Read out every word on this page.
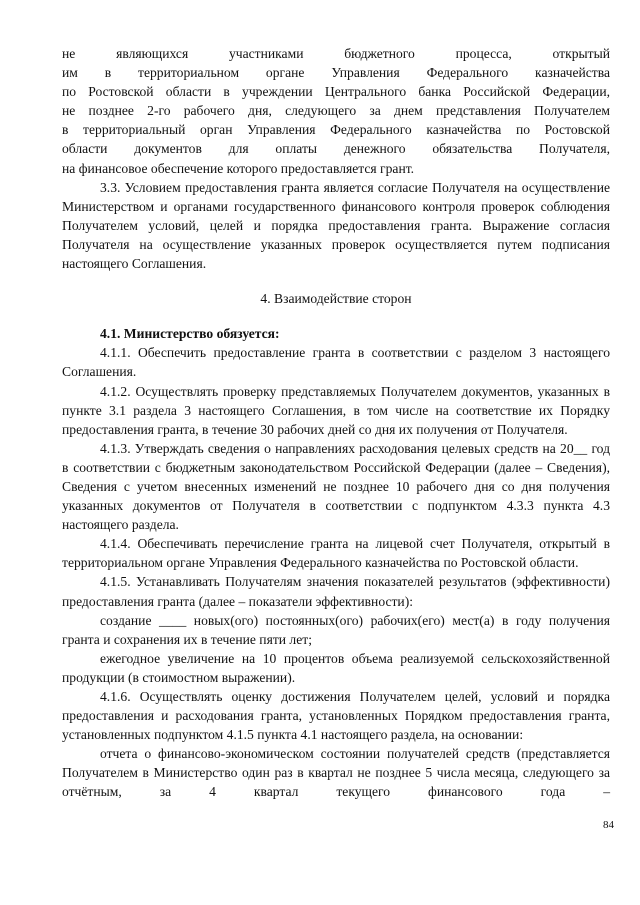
не являющихся участниками бюджетного процесса, открытый

им в территориальном органе Управления Федерального казначейства

по Ростовской области в учреждении Центрального банка Российской Федерации,

не позднее 2-го рабочего дня, следующего за днем представления Получателем

в территориальный орган Управления Федерального казначейства по Ростовской

области документов для оплаты денежного обязательства Получателя,

на финансовое обеспечение которого предоставляется грант.

3.3. Условием предоставления гранта является согласие Получателя на осуществление Министерством и органами государственного финансового контроля проверок соблюдения Получателем условий, целей и порядка предоставления гранта. Выражение согласия Получателя на осуществление указанных проверок осуществляется путем подписания настоящего Соглашения.

4. Взаимодействие сторон

4.1. Министерство обязуется:

4.1.1. Обеспечить предоставление гранта в соответствии с разделом 3 настоящего Соглашения.

4.1.2. Осуществлять проверку представляемых Получателем документов, указанных в пункте 3.1 раздела 3 настоящего Соглашения, в том числе на соответствие их Порядку предоставления гранта, в течение 30 рабочих дней со дня их получения от Получателя.

4.1.3. Утверждать сведения о направлениях расходования целевых средств на 20__ год в соответствии с бюджетным законодательством Российской Федерации (далее – Сведения), Сведения с учетом внесенных изменений не позднее 10 рабочего дня со дня получения указанных документов от Получателя в соответствии с подпунктом 4.3.3 пункта 4.3 настоящего раздела.

4.1.4. Обеспечивать перечисление гранта на лицевой счет Получателя, открытый в территориальном органе Управления Федерального казначейства по Ростовской области.

4.1.5. Устанавливать Получателям значения показателей результатов (эффективности) предоставления гранта (далее – показатели эффективности):

создание ____ новых(ого) постоянных(ого) рабочих(его) мест(а) в году получения гранта и сохранения их в течение пяти лет;

ежегодное увеличение на 10 процентов объема реализуемой сельскохозяйственной продукции (в стоимостном выражении).

4.1.6. Осуществлять оценку достижения Получателем целей, условий и порядка предоставления и расходования гранта, установленных Порядком предоставления гранта, установленных подпунктом 4.1.5 пункта 4.1 настоящего раздела, на основании:

отчета о финансово-экономическом состоянии получателей средств (представляется Получателем в Министерство один раз в квартал не позднее 5 числа месяца, следующего за отчётным, за 4 квартал текущего финансового года –

84
